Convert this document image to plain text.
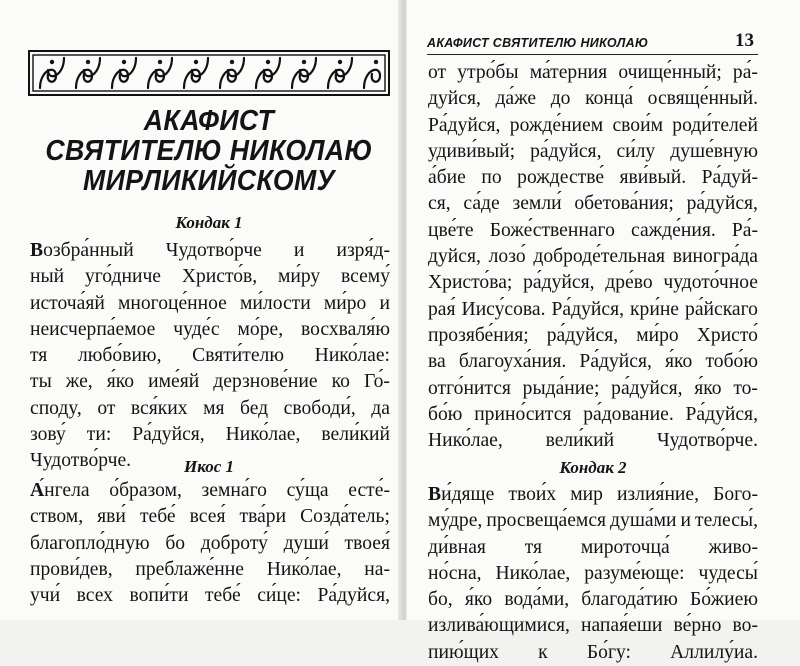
АКАФИСТ
СВЯТИТЕЛЮ НИКОЛАЮ
МИРЛИКИЙСКОМУ
Кондак 1
Возбра́нный Чудотво́рче и изря́д-
ный уго́дниче Христо́в, ми́ру всему́
источа́яй многоце́нное ми́лости ми́ро и
неисчерпа́емое чуде́с мо́ре, восхваля́ю
тя любо́вию, Святи́телю Нико́лае:
ты же, я́ко име́яй дерзнове́ние ко Го́-
сподy, от вся́ких мя бед свободи́, да
зову́ ти: Ра́дуйся, Нико́лае, вели́кий
Чудотво́рче.	Икос 1
А́нгела о́бразом, земна́го су́ща есте́-
ством, яви́ тебе́ всея́ тва́ри Созда́тель;
благопло́дную бо доброту́ души́ твоея́
прови́дев, преблаже́нне Нико́лае, на-
учи́ всех вопи́ти тебе́ си́це: Ра́дуйся,
АКАФИСТ СВЯТИТЕЛЮ НИКОЛАЮ	13
от утро́бы ма́терния очище́нный; ра́-
дуйся, да́же до конца́ освяще́нный.
Ра́дуйся, рожде́нием свои́м роди́телей
удиви́вый; ра́дуйся, си́лу душе́вную
а́бие по рождестве́ яви́вый. Ра́дуй-
ся, са́де земли́ обетова́ния; ра́дуйся,
цве́те Боже́ственнаго сажде́ния. Ра́-
дуйся, лозо́ доброде́тельная виногра́да
Христо́ва; ра́дуйся, дре́во чудото́чное
рая́ Иису́сова. Ра́дуйся, кри́не ра́йскаго
прозябе́ния; ра́дуйся, ми́ро Христо́
ва благоуха́ния. Ра́дуйся, я́ко тобо́ю
отго́нится рыда́ние; ра́дуйся, я́ко то-
бо́ю прино́сится ра́дование. Ра́дуйся,
Нико́лае, вели́кий Чудотво́рче.
Кондак 2
Ви́дяще твои́х мир излия́ние, Бого-
му́дре, просвеща́емся душа́ми и телесы́,
ди́вная тя мироточца́ живо-
но́сна, Нико́лае, разуме́юще: чудесы́
бо, я́ко вода́ми, благода́тию Бо́жиею
излива́ющимися, напая́еши ве́рно во-
пию́щих к Бо́гу: Аллилу́иа.
